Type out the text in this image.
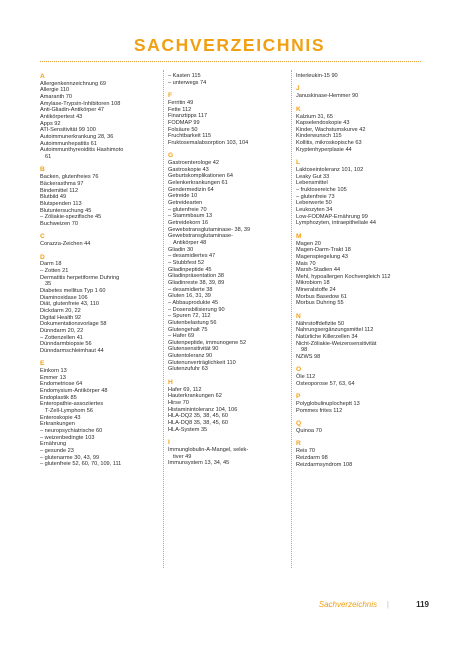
SACHVERZEICHNIS
A
Allergenkennzeichnung 69
Allergie 110
Amaranth 70
Amylase-Trypsin-Inhibitoren 108
Anti-Gliadin-Antikörper 47
Antikörpertest 43
Apps 92
ATI-Sensitivität 99 100
Autoimmunerkrankung 28, 36
Autoimmunhepatitis 61
Autoimmunthyreoiditis Hashimoto
61
B
Backen, glutenfreies 76
Bäckerasthma 97
Bindemittel 112
Blutbild 49
Blutspenden 113
Blutuntersuchung 45
– Zöliakie-spezifische 45
Buchweizen 70
C
Corazza-Zeichen 44
D
Darm 18
– Zotten 21
Dermatitis herpetiforme Duhring
35
Diabetes mellitus Typ 1 60
Diaminoxidase 106
Diät, glutenfreie 43, 110
Dickdarm 20, 22
Digital Health 92
Dokumentationsvorlage 58
Dünndarm 20, 22
– Zottenzellen 41
Dünndarmbiopsie 56
Dünndarmschleimhaut 44
E
Einkorn 13
Emmer 13
Endometriose 64
Endomysium-Antikörper 48
Endoplastik 85
Enteropathie-assoziiertes
T-Zell-Lymphom 56
Enteroskopie 43
Erkrankungen
– neuropsychiatrische 60
– weizenbedingte 103
Ernährung
– gesunde 23
– glutenarme 30, 43, 99
– glutenfreie 52, 60, 70, 109, 111
– Kasten 115
– unterwegs 74
F
Ferritin 49
Fette 112
Finanztipps 117
FODMAP 99
Folsäure 50
Fruchtbarkeit 115
Fruktosemalabsorption 103, 104
G
Gastroenterologe 42
Gastroskopie 43
Geburtskomplikationen 64
Gelenkerkrankungen 61
Gendermedizin 64
Getreide 10
Getreidearten
– glutenfreie 70
– Stammbaum 13
Getreidekorn 16
Gewebstransglutaminase- 38, 39
Gewebstransglutaminase-
Antikörper 48
Gliadin 30
– desamidiertes 47
– Stubbfest 52
Gliadinpeptide 45
Gliadinpräsentation 38
Gliadinreste 38, 39, 89
– desamidierte 38
Gluten 16, 31, 39
– Abbauprodukte 45
– Dosensbilisierung 90
– Spuren 72, 112
Glutenbelastung 56
Glutengehalt 75
– Hafer 69
Glutenpeptide, immunogene 52
Glutensensitivität 90
Glutentoleranz 90
Glutenunverträglichkeit 110
Glutenzufuhr 63
H
Hafer 69, 112
Hauterkrankungen 62
Hirse 70
Histaminintoleranz 104, 106
HLA-DQ2 35, 38, 45, 60
HLA-DQ8 35, 38, 45, 60
HLA-System 35
I
Immunglobulin-A-Mangel, selek-
tiver 49
Immunsystem 13, 34, 45
Interleukin-15 90
J
Januskinase-Hemmer 90
K
Kalzium 31, 65
Kapselendoskopie 43
Kinder, Wachstumskurve 42
Kinderwunsch 115
Kollitis, mikroskopische 63
Kryptenhyperplasie 44
L
Laktoseintoleranz 101, 102
Leaky Gut 33
Lebensmittel
– fruktosereiche 105
– glutenfreie 73
Leberwerte 50
Leukozyten 34
Low-FODMAP-Ernährung 99
Lymphozyten, intraepitheliale 44
M
Magen 20
Magen-Darm-Trakt 18
Magenspiegelung 43
Mais 70
Marsh-Stadien 44
Mehl, hypoallergen Kochvergleich 112
Mikrobiom 18
Mineralstoffe 24
Morbus Basedow 61
Morbus Duhring 55
N
Nährstoffdefizite 50
Nahrungsergänzungsmittel 112
Natürliche Killerzellen 34
Nicht-Zöliakie-Weizensensitivität
98
NZWS 98
O
Öle 112
Osteoporose 57, 63, 64
P
Polyglobulinuplocheptt 13
Pommes frites 112
Q
Quinoa 70
R
Reis 70
Reizdarm 98
Reizdarmsyndrom 108
Sachverzeichnis |	119
